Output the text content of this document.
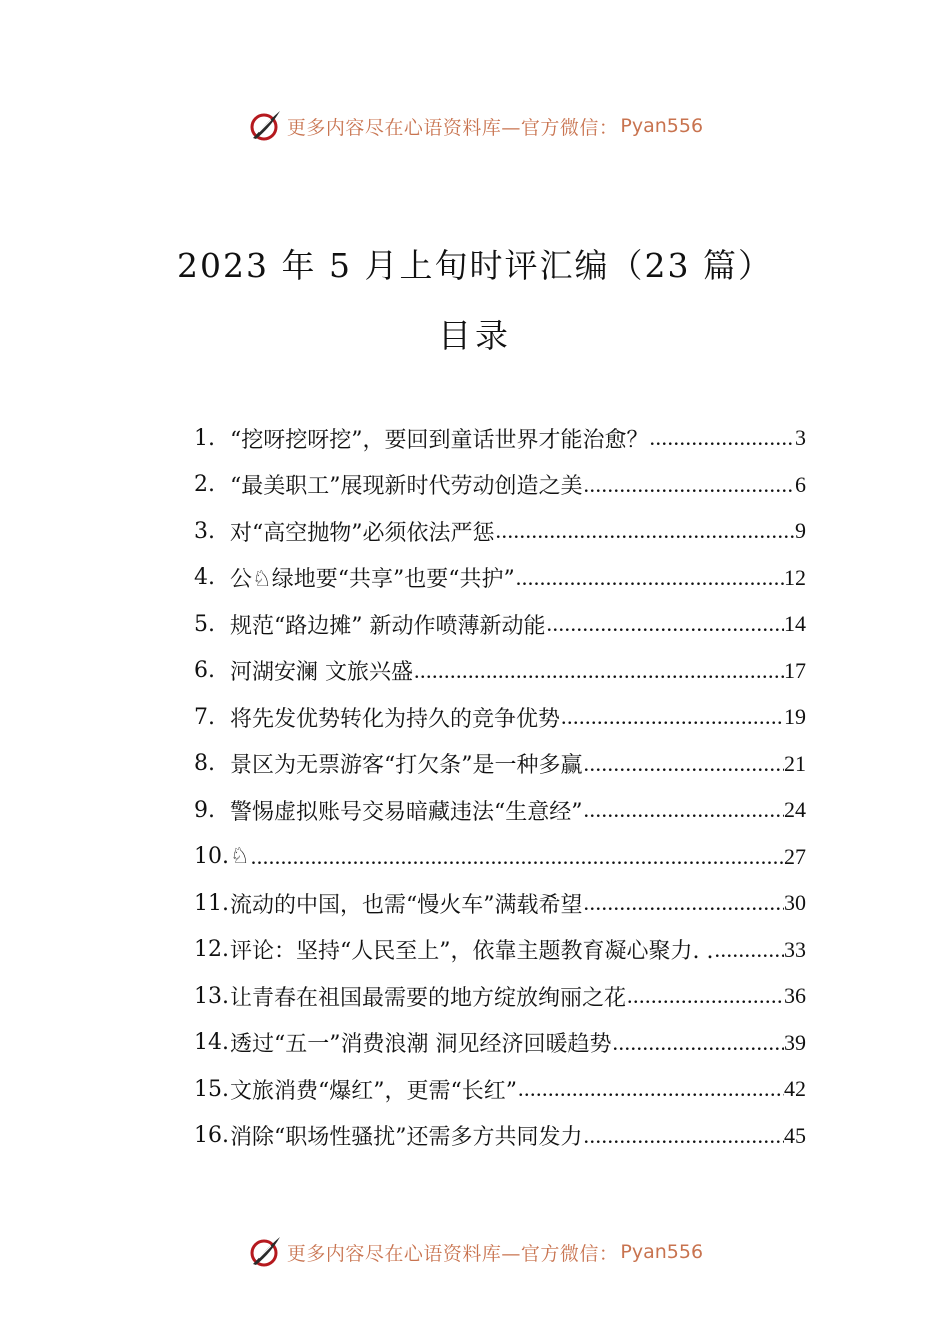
更多内容尽在心语资料库—官方微信： Pyan556
2023 年 5 月上旬时评汇编（23 篇）
目录
1. “挖呀挖呀挖”，要回到童话世界才能治愈？ .....	3
2. “最美职工”展现新时代劳动创造之美 .....	6
3. 对“高空抛物”必须依法严惩 .....	9
4. 公♘绿地要“共享”也要“共护” .....	12
5. 规范“路边摊” 新动作喷薄新动能 .....	14
6. 河湖安澜 文旅兴盛 .....	17
7. 将先发优势转化为持久的竞争优势 .....	19
8. 景区为无票游客“打欠条”是一种多赢 .....	21
9. 警惕虚拟账号交易暗藏违法“生意经” .....	24
10. ♘ .....	27
11. 流动的中国，也需“慢火车”满载希望 .....	30
12. 评论：坚持“人民至上”，依靠主题教育凝心聚力. . .....	33
13. 让青春在祖国最需要的地方绽放绚丽之花 .....	36
14. 透过“五一”消费浪潮 洞见经济回暖趋势 .....	39
15. 文旅消费“爆红”，更需“长红” .....	42
16. 消除“职场性骚扰”还需多方共同发力 .....	45
更多内容尽在心语资料库—官方微信： Pyan556
